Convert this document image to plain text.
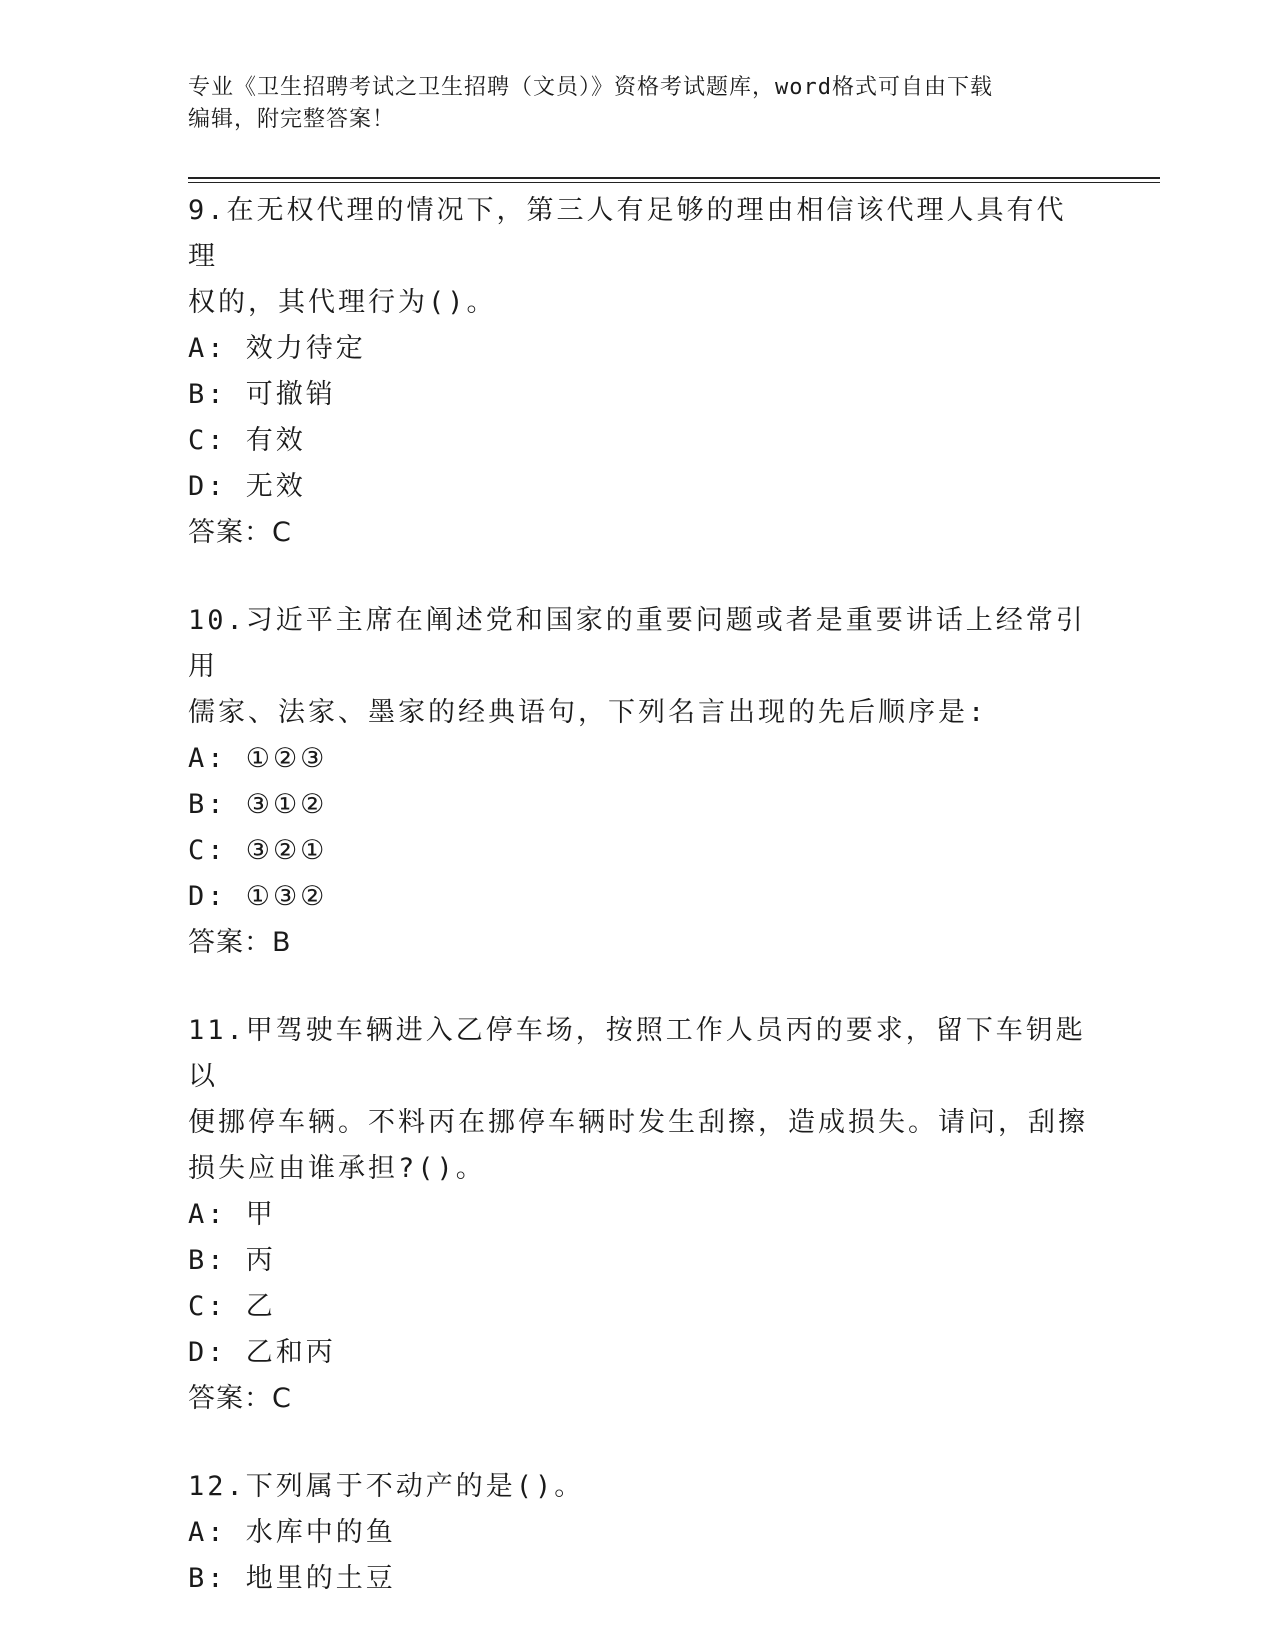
专业《卫生招聘考试之卫生招聘（文员）》资格考试题库，word格式可自由下载
编辑，附完整答案！
9.在无权代理的情况下，第三人有足够的理由相信该代理人具有代理
权的，其代理行为()。
A: 效力待定
B: 可撤销
C: 有效
D: 无效
答案：C
10.习近平主席在阐述党和国家的重要问题或者是重要讲话上经常引用
儒家、法家、墨家的经典语句，下列名言出现的先后顺序是:
A: ①②③
B: ③①②
C: ③②①
D: ①③②
答案：B
11.甲驾驶车辆进入乙停车场，按照工作人员丙的要求，留下车钥匙以
便挪停车辆。不料丙在挪停车辆时发生刮擦，造成损失。请问，刮擦
损失应由谁承担?()。
A: 甲
B: 丙
C: 乙
D: 乙和丙
答案：C
12.下列属于不动产的是()。
A: 水库中的鱼
B: 地里的土豆
